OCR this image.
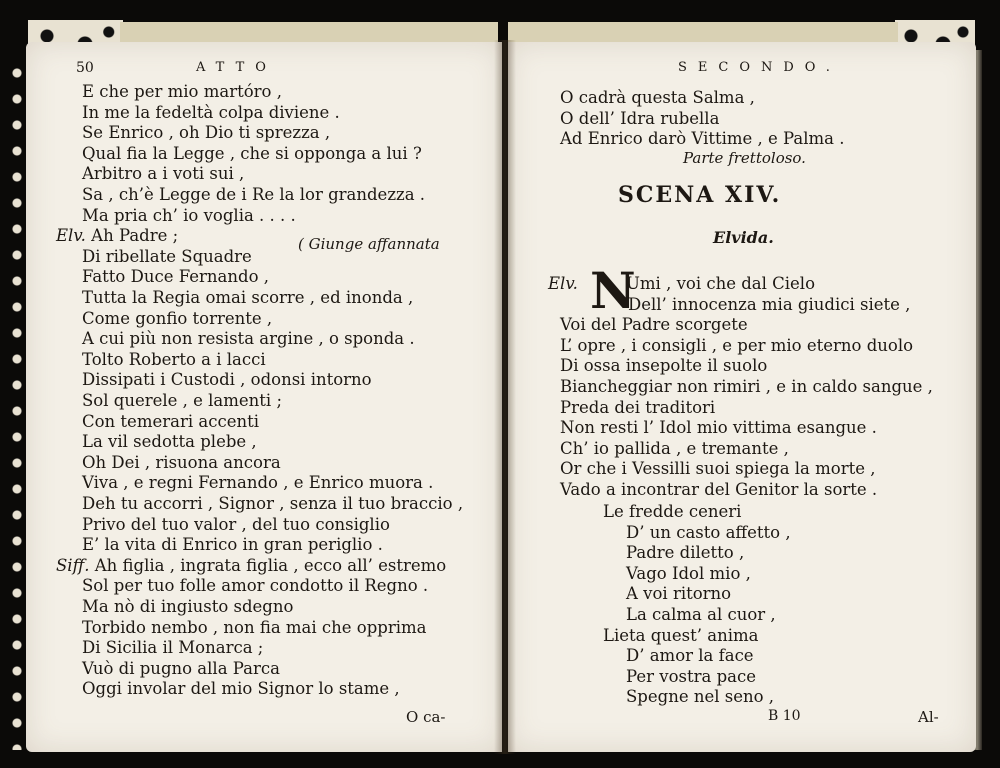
50	ATTO
E che per mio martóro ,
In me la fedeltà colpa diviene .
Se Enrico , oh Dio ti sprezza ,
Qual fia la Legge , che si opponga a lui ?
Arbitro a i voti sui ,
Sa , ch’è Legge de i Re la lor grandezza .
Ma pria ch’ io voglia . . . .
Elv. Ah Padre ;
Di ribellate Squadre
Fatto Duce Fernando ,
Tutta la Regia omai scorre , ed inonda ,
Come gonfio torrente ,
A cui più non resista argine , o sponda .
Tolto Roberto a i lacci
Dissipati i Custodi , odonsi intorno
Sol querele , e lamenti ;
Con temerari accenti
La vil sedotta plebe ,
Oh Dei , risuona ancora
Viva , e regni Fernando , e Enrico muora .
Deh tu accorri , Signor , senza il tuo braccio ,
Privo del tuo valor , del tuo consiglio
E’ la vita di Enrico in gran periglio .
Siff. Ah figlia , ingrata figlia , ecco all’ estremo
Sol per tuo folle amor condotto il Regno .
Ma nò di ingiusto sdegno
Torbido nembo , non fia mai che opprima
Di Sicilia il Monarca ;
Vuò di pugno alla Parca
Oggi involar del mio Signor lo stame ,
( Giunge affannata
O ca-
SECONDO.
O cadrà questa Salma ,
O dell’ Idra rubella
Ad Enrico darò Vittime , e Palma .
Parte frettoloso.
SCENA XIV.
Elvida.
Elv. N
Umi , voi che dal Cielo
Dell’ innocenza mia giudici siete ,
Voi del Padre scorgete
L’ opre , i consigli , e per mio eterno duolo
Di ossa insepolte il suolo
Biancheggiar non rimiri , e in caldo sangue ,
Preda dei traditori
Non resti l’ Idol mio vittima esangue .
Ch’ io pallida , e tremante ,
Or che i Vessilli suoi spiega la morte ,
Vado a incontrar del Genitor la sorte .
Le fredde ceneri
D’ un casto affetto ,
Padre diletto ,
Vago Idol mio ,
A voi ritorno
La calma al cuor ,
Lieta quest’ anima
D’ amor la face
Per vostra pace
Spegne nel seno ,
B 10	Al-
